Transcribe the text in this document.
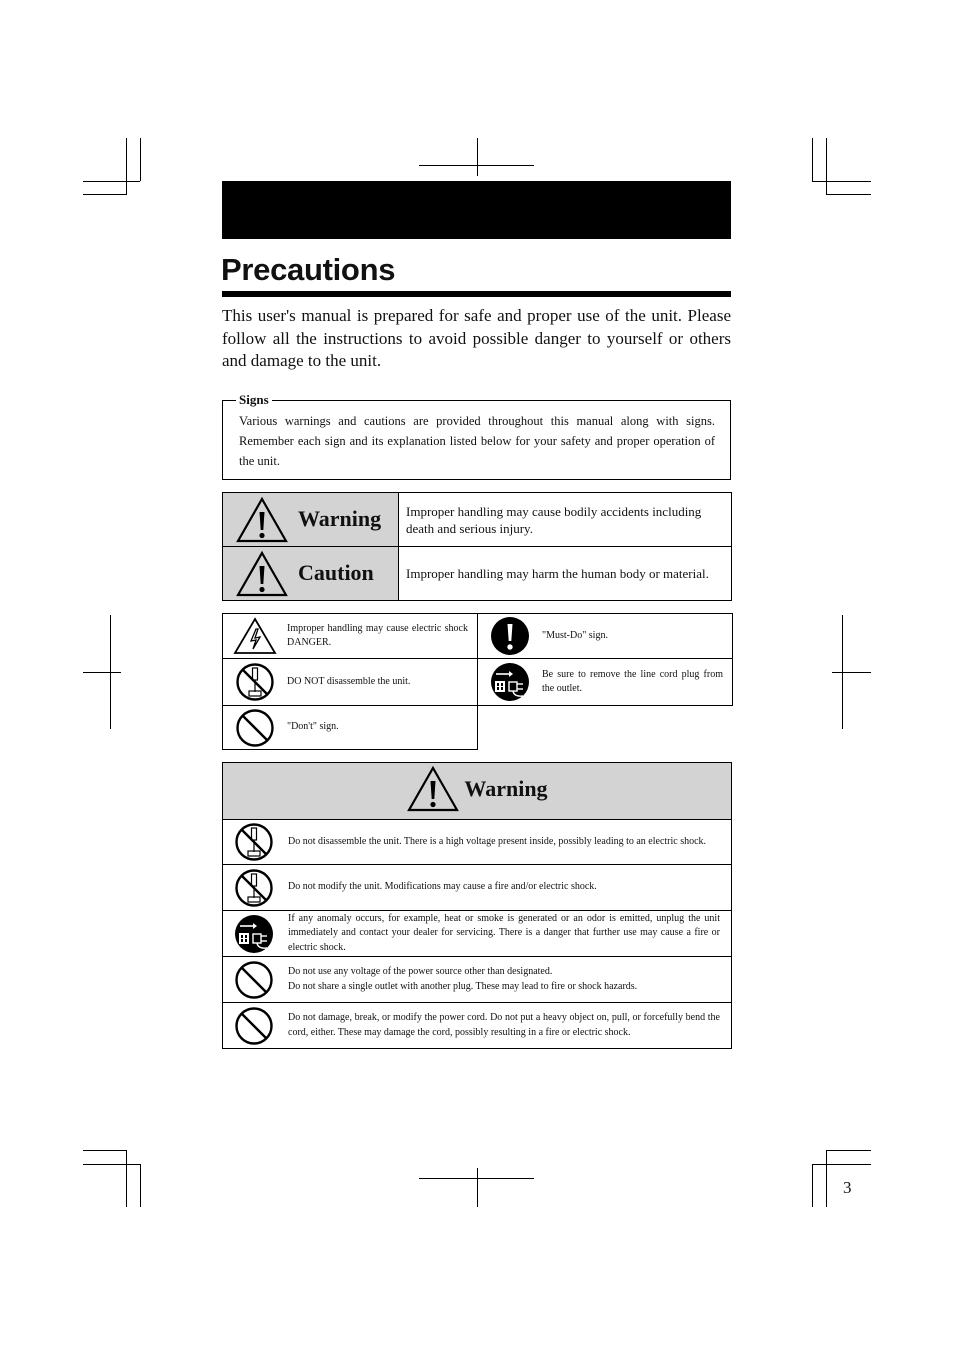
Precautions

This user's manual is prepared for safe and proper use of the unit. Please follow all the instructions to avoid possible danger to yourself or others and damage to the unit.

Signs

Various warnings and cautions are provided throughout this manual along with signs. Remember each sign and its explanation listed below for your safety and proper operation of the unit.

Warning	Improper handling may cause bodily accidents including death and serious injury.

Caution	Improper handling may harm the human body or material.
Improper handling may cause electric shock DANGER.	"Must-Do" sign.

DO NOT disassemble the unit.	Be sure to remove the line cord plug from the outlet.

"Don't" sign.	

Warning	

	Do not disassemble the unit. There is a high voltage present inside, possibly leading to an electric shock.

	Do not modify the unit. Modifications may cause a fire and/or electric shock.

	If any anomaly occurs, for example, heat or smoke is generated or an odor is emitted, unplug the unit immediately and contact your dealer for servicing. There is a danger that further use may cause a fire or electric shock.

Do not use any voltage of the power source other than designated.
Do not share a single outlet with another plug. These may lead to fire or shock hazards.

	Do not damage, break, or modify the power cord. Do not put a heavy object on, pull, or forcefully bend the cord, either. These may damage the cord, possibly resulting in a fire or electric shock.
3
